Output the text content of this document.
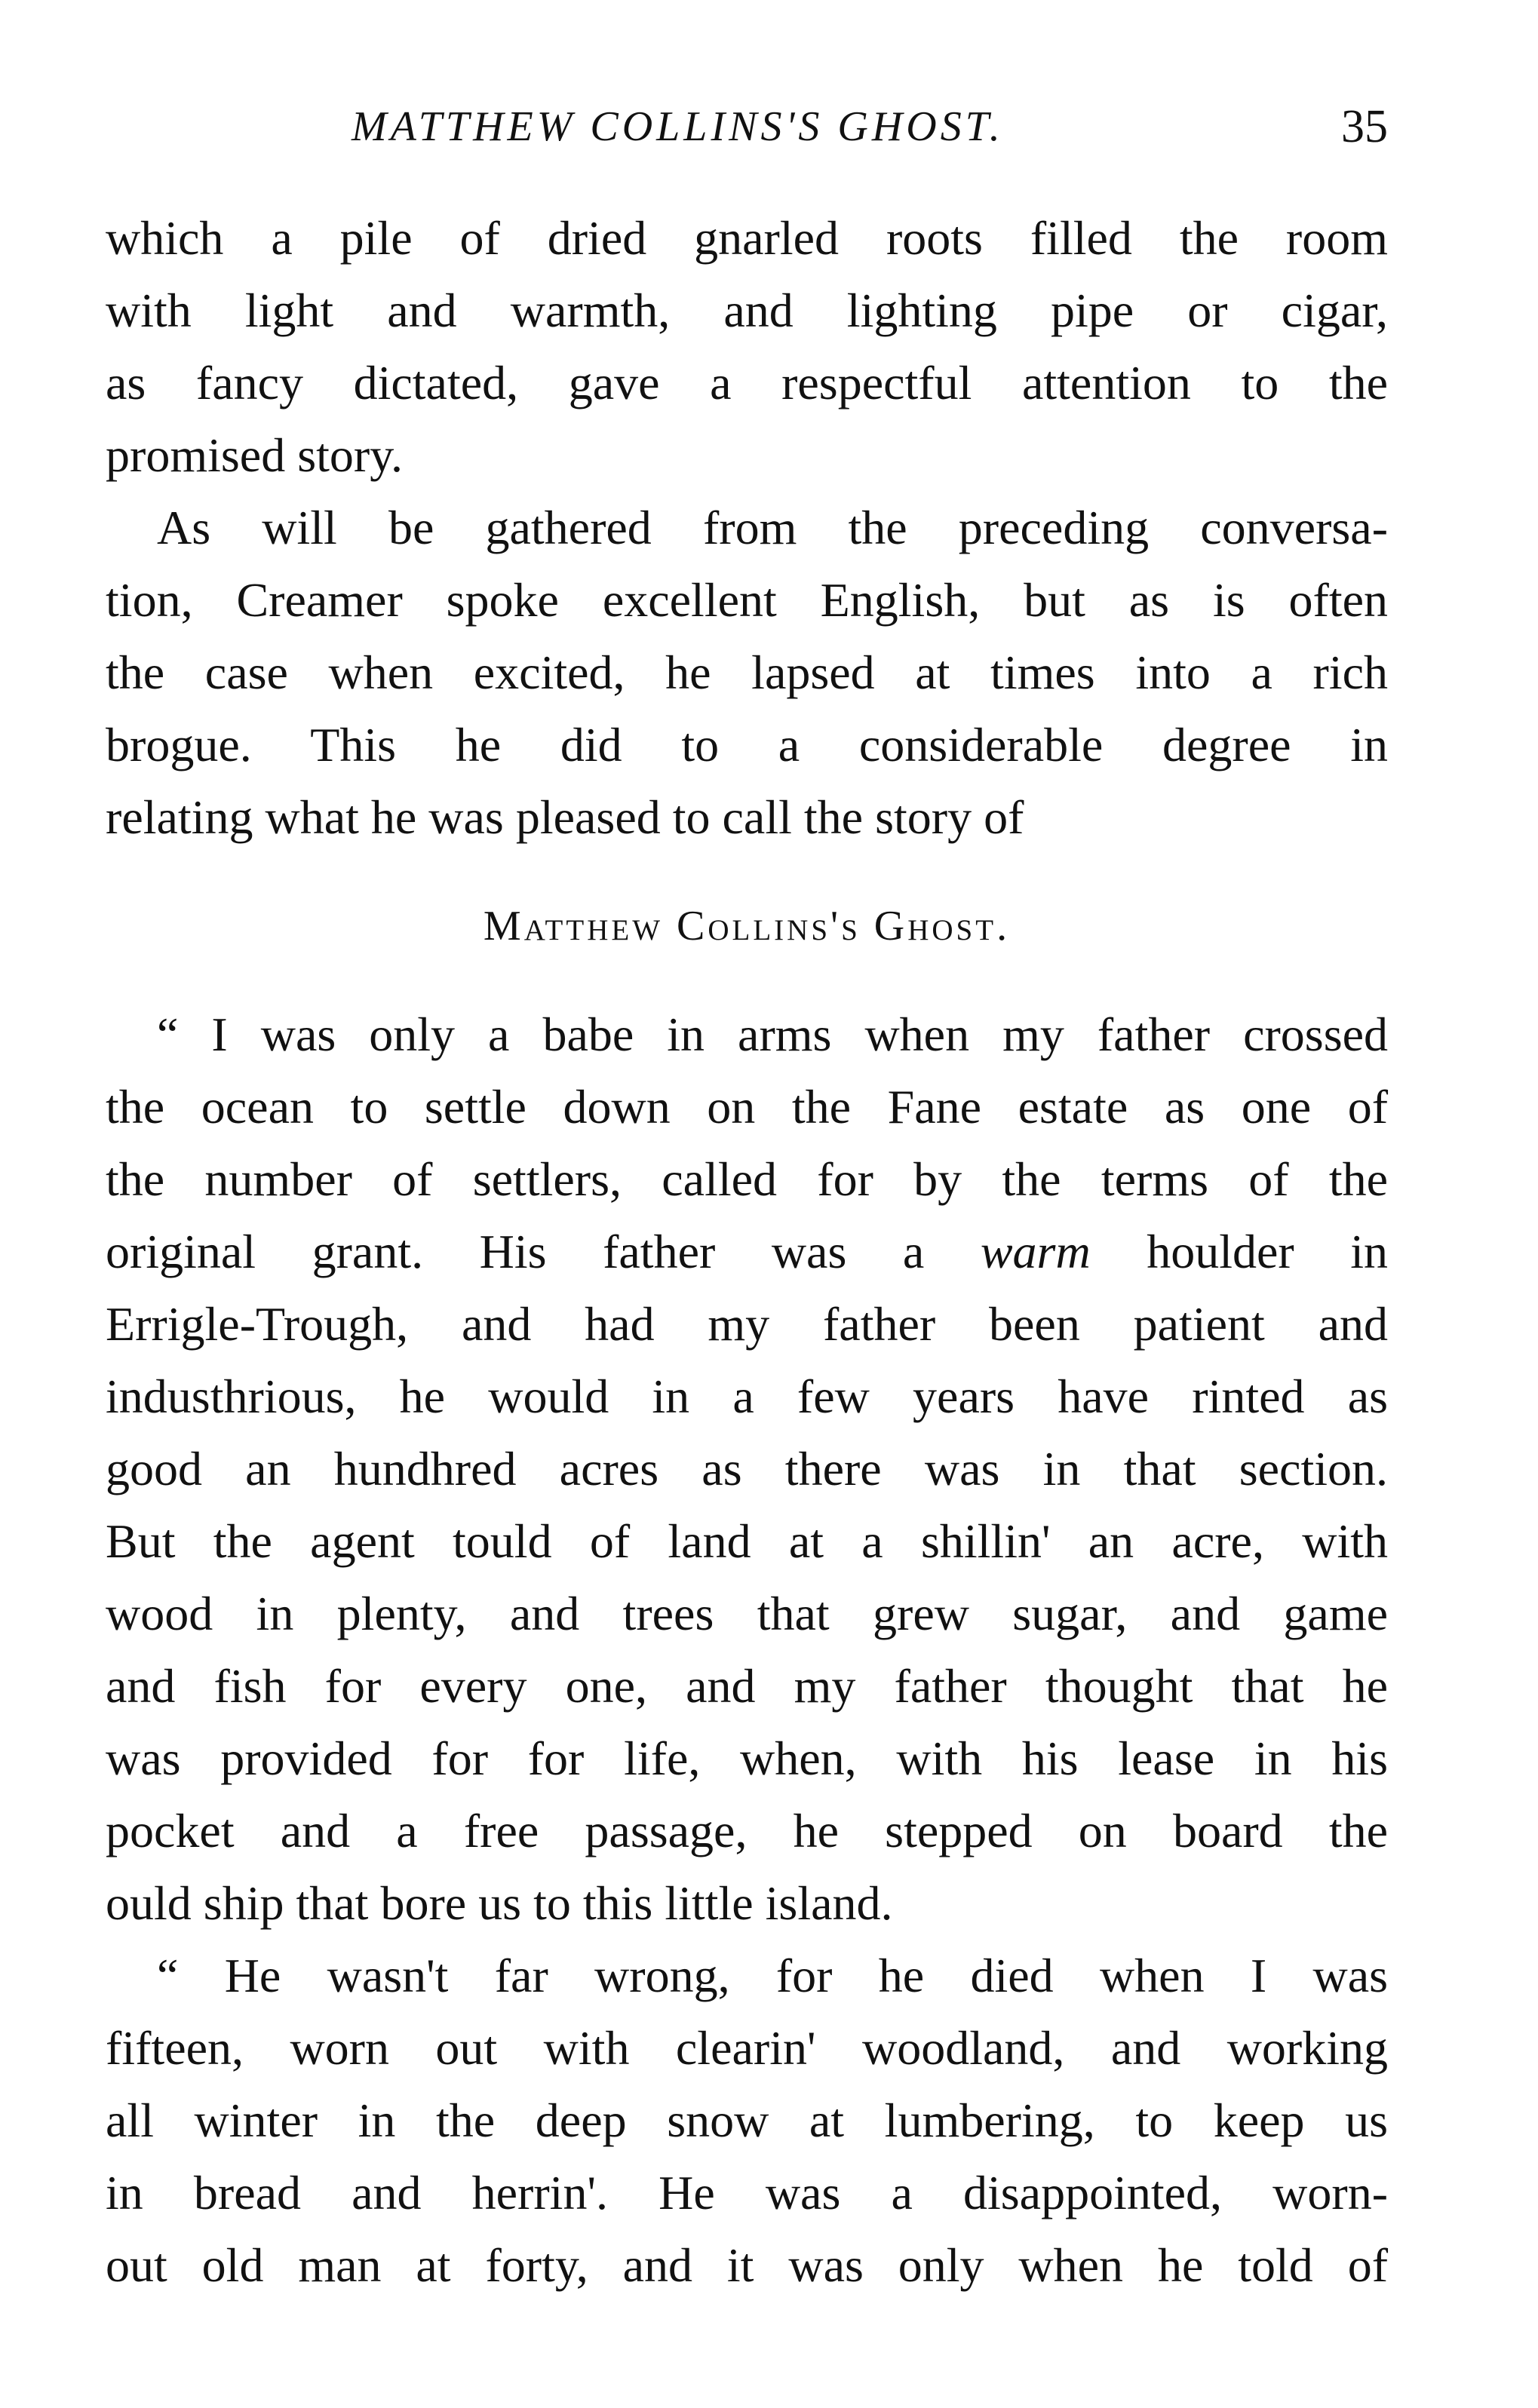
MATTHEW COLLINS'S GHOST.	35

which a pile of dried gnarled roots filled the room
with light and warmth, and lighting pipe or cigar,
as fancy dictated, gave a respectful attention to the
promised story.

As will be gathered from the preceding conversa-
tion, Creamer spoke excellent English, but as is often
the case when excited, he lapsed at times into a rich
brogue. This he did to a considerable degree in
relating what he was pleased to call the story of

Matthew Collins's Ghost.

“ I was only a babe in arms when my father crossed
the ocean to settle down on the Fane estate as one of
the number of settlers, called for by the terms of the
original grant. His father was a warm houlder in
Errigle-Trough, and had my father been patient and
industhrious, he would in a few years have rinted as
good an hundhred acres as there was in that section.
But the agent tould of land at a shillin' an acre, with
wood in plenty, and trees that grew sugar, and game
and fish for every one, and my father thought that he
was provided for for life, when, with his lease in his
pocket and a free passage, he stepped on board the
ould ship that bore us to this little island.

“ He wasn't far wrong, for he died when I was
fifteen, worn out with clearin' woodland, and working
all winter in the deep snow at lumbering, to keep us
in bread and herrin'. He was a disappointed, worn-
out old man at forty, and it was only when he told of
